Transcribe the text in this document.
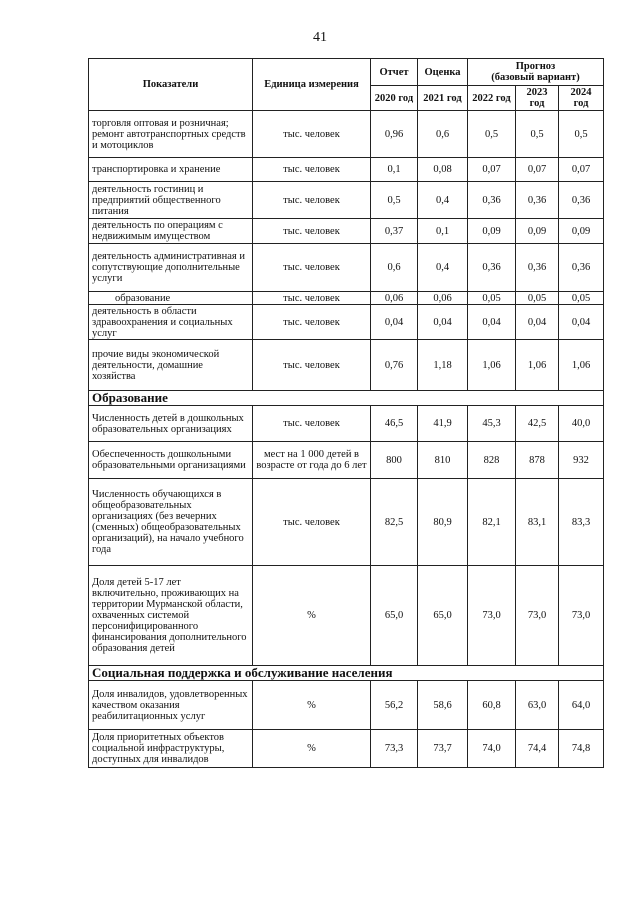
41
Показатели	Единица измерения	Отчет	Оценка	Прогноз
(базовый вариант)		

		2020 год	2021 год	2022 год	2023 год	2024 год
торговля оптовая и розничная; ремонт автотранспортных средств и мотоциклов	тыс. человек	0,96	0,6	0,5	0,5	0,5
транспортировка и хранение	тыс. человек	0,1	0,08	0,07	0,07	0,07
деятельность гостиниц и предприятий общественного питания	тыс. человек	0,5	0,4	0,36	0,36	0,36
деятельность по операциям с недвижимым имуществом	тыс. человек	0,37	0,1	0,09	0,09	0,09
деятельность административная и сопутствующие дополнительные услуги	тыс. человек	0,6	0,4	0,36	0,36	0,36
образование	тыс. человек	0,06	0,06	0,05	0,05	0,05
деятельность в области здравоохранения и социальных услуг	тыс. человек	0,04	0,04	0,04	0,04	0,04
прочие виды экономической деятельности, домашние хозяйства	тыс. человек	0,76	1,18	1,06	1,06	1,06
Образование						
Численность детей в дошкольных образовательных организациях	тыс. человек	46,5	41,9	45,3	42,5	40,0
Обеспеченность дошкольными образовательными организациями	мест на 1 000 детей в возрасте от года до 6 лет	800	810	828	878	932
Численность обучающихся в общеобразовательных организациях (без вечерних (сменных) общеобразовательных организаций), на начало учебного года	тыс. человек	82,5	80,9	82,1	83,1	83,3
Доля детей 5-17 лет включительно, проживающих на территории Мурманской области, охваченных системой персонифицированного финансирования дополнительного образования детей	%	65,0	65,0	73,0	73,0	73,0
Социальная поддержка и обслуживание населения						
Доля инвалидов, удовлетворенных качеством оказания реабилитационных услуг	%	56,2	58,6	60,8	63,0	64,0
Доля приоритетных объектов социальной инфраструктуры, доступных для инвалидов	%	73,3	73,7	74,0	74,4	74,8
